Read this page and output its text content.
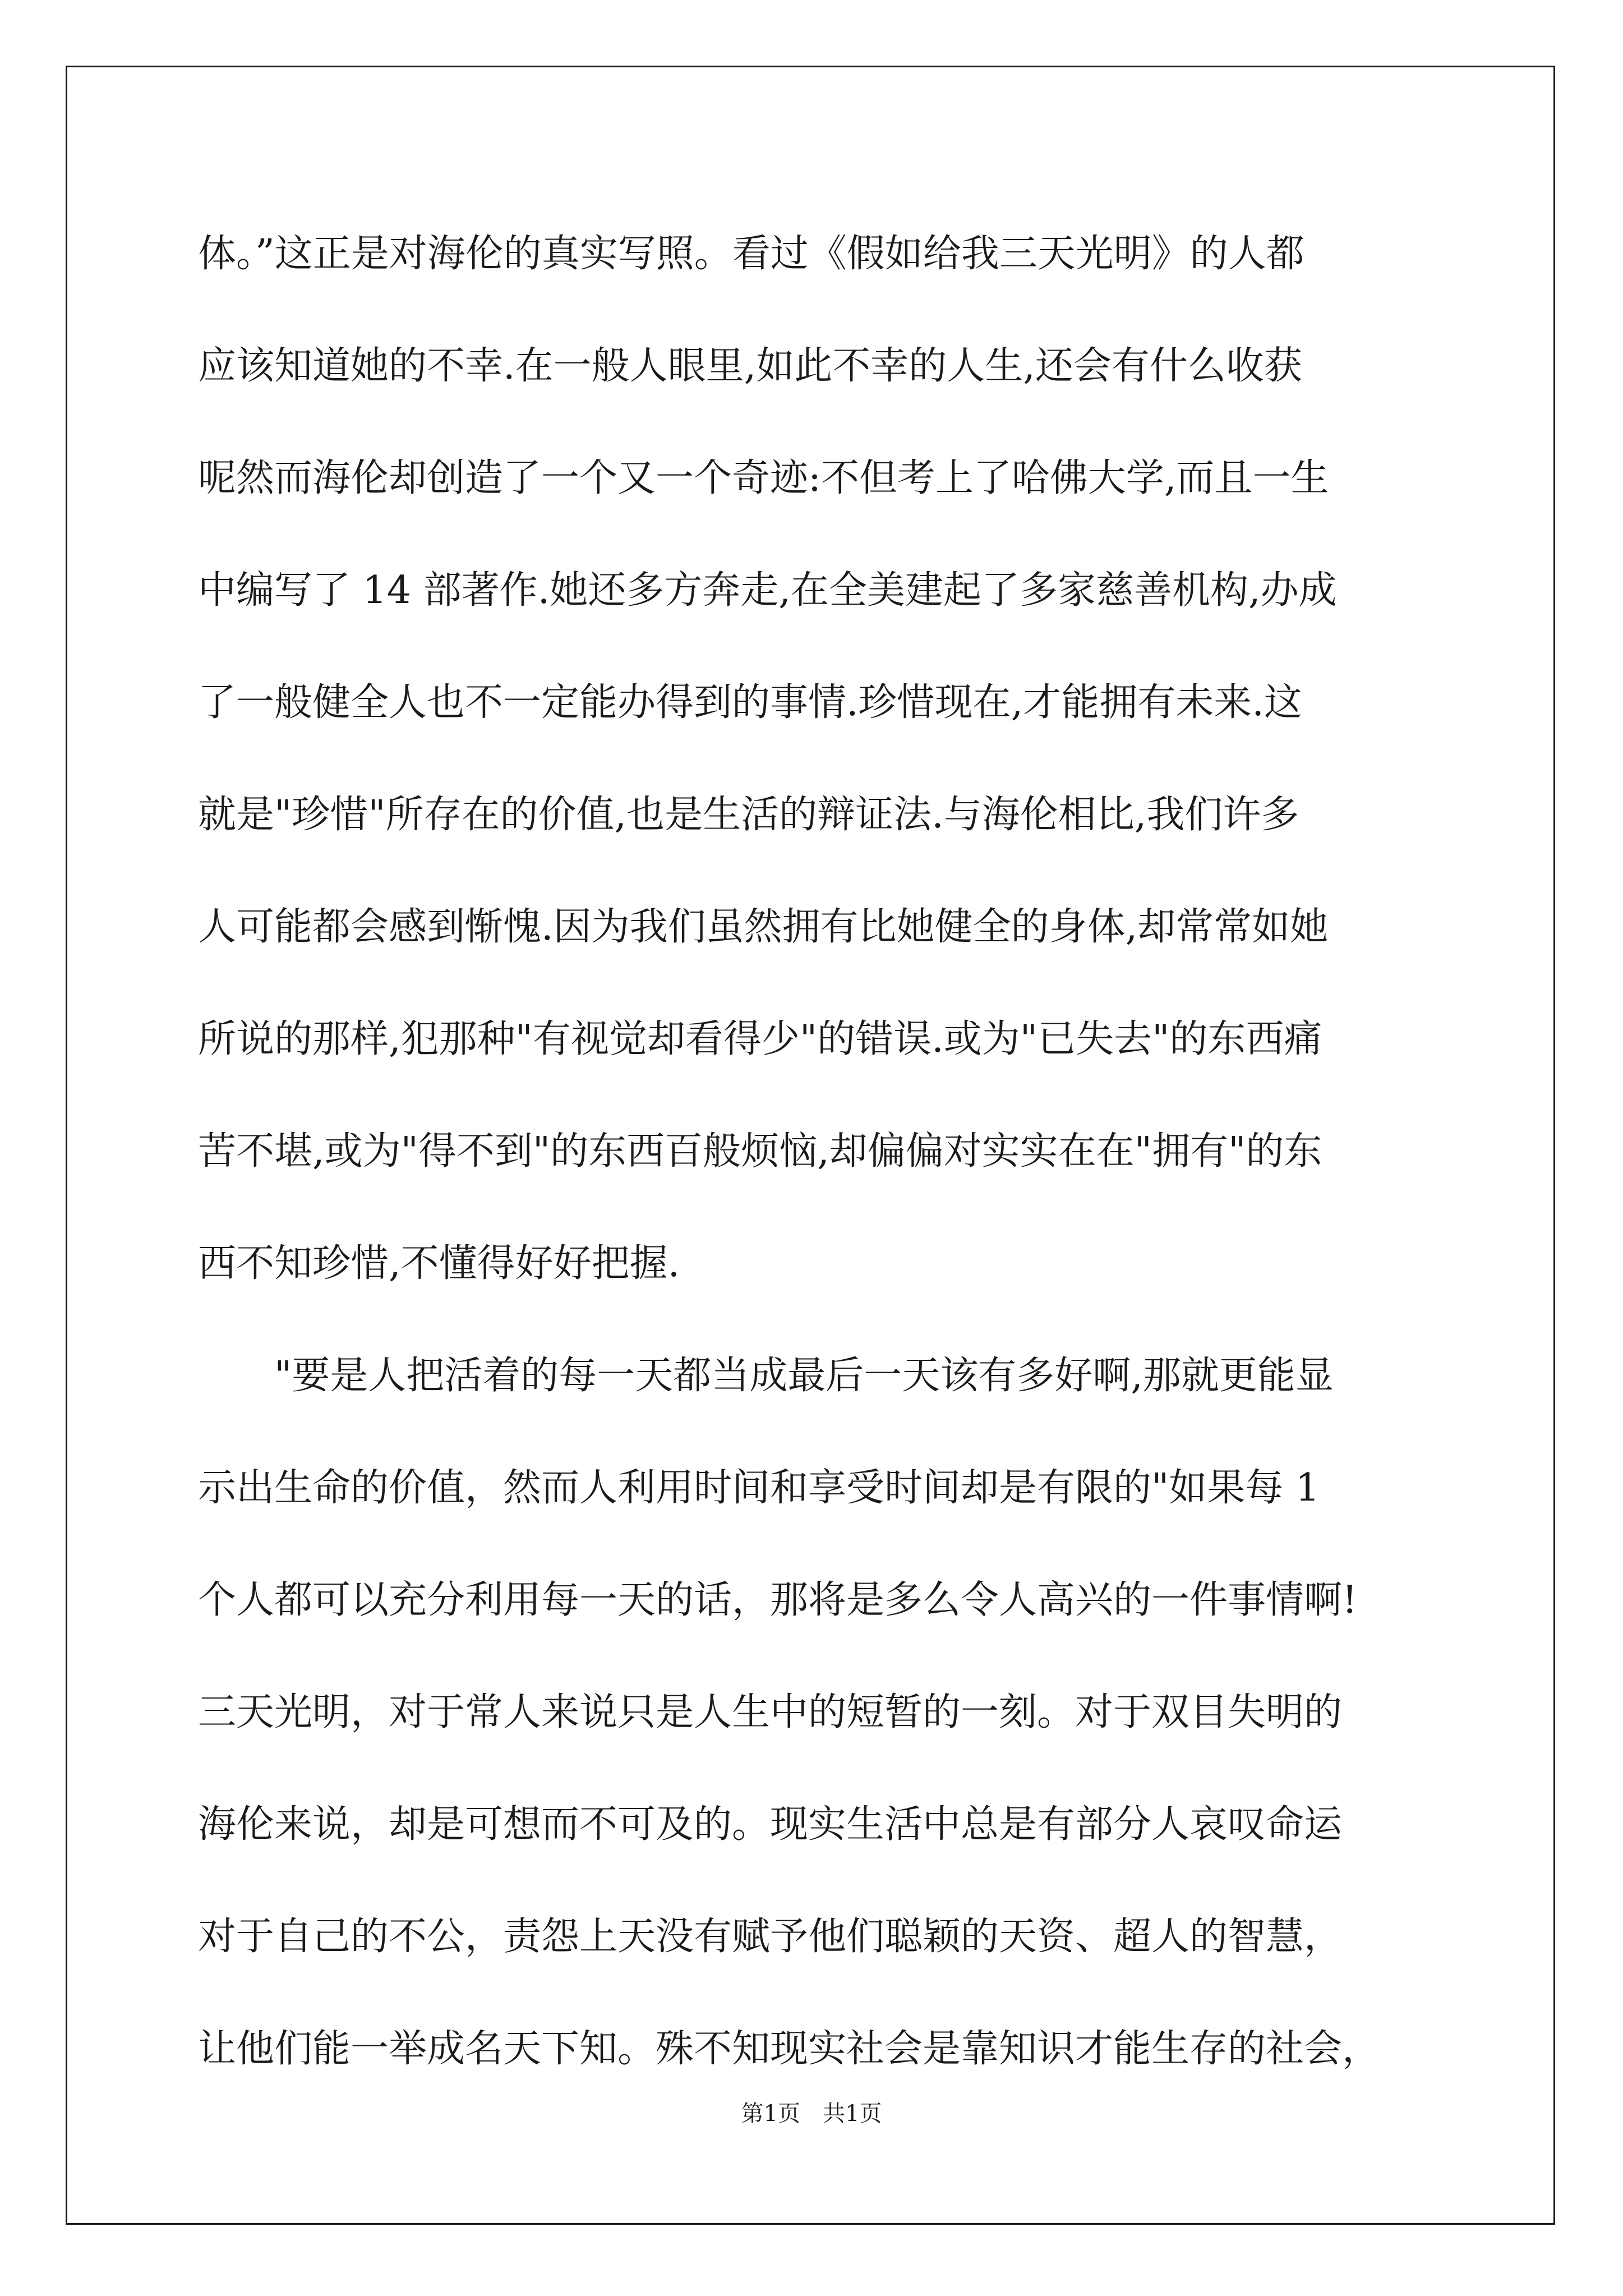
体。”这正是对海伦的真实写照。看过《假如给我三天光明》的人都
应该知道她的不幸.在一般人眼里,如此不幸的人生,还会有什么收获
呢然而海伦却创造了一个又一个奇迹:不但考上了哈佛大学,而且一生
中编写了 14 部著作.她还多方奔走,在全美建起了多家慈善机构,办成
了一般健全人也不一定能办得到的事情.珍惜现在,才能拥有未来.这
就是"珍惜"所存在的价值,也是生活的辩证法.与海伦相比,我们许多
人可能都会感到惭愧.因为我们虽然拥有比她健全的身体,却常常如她
所说的那样,犯那种"有视觉却看得少"的错误.或为"已失去"的东西痛
苦不堪,或为"得不到"的东西百般烦恼,却偏偏对实实在在"拥有"的东
西不知珍惜,不懂得好好把握.
　　"要是人把活着的每一天都当成最后一天该有多好啊,那就更能显
示出生命的价值，然而人利用时间和享受时间却是有限的"如果每 1
个人都可以充分利用每一天的话，那将是多么令人高兴的一件事情啊!
三天光明，对于常人来说只是人生中的短暂的一刻。对于双目失明的
海伦来说，却是可想而不可及的。现实生活中总是有部分人哀叹命运
对于自己的不公，责怨上天没有赋予他们聪颖的天资、超人的智慧，
让他们能一举成名天下知。殊不知现实社会是靠知识才能生存的社会，
第1页　共1页
